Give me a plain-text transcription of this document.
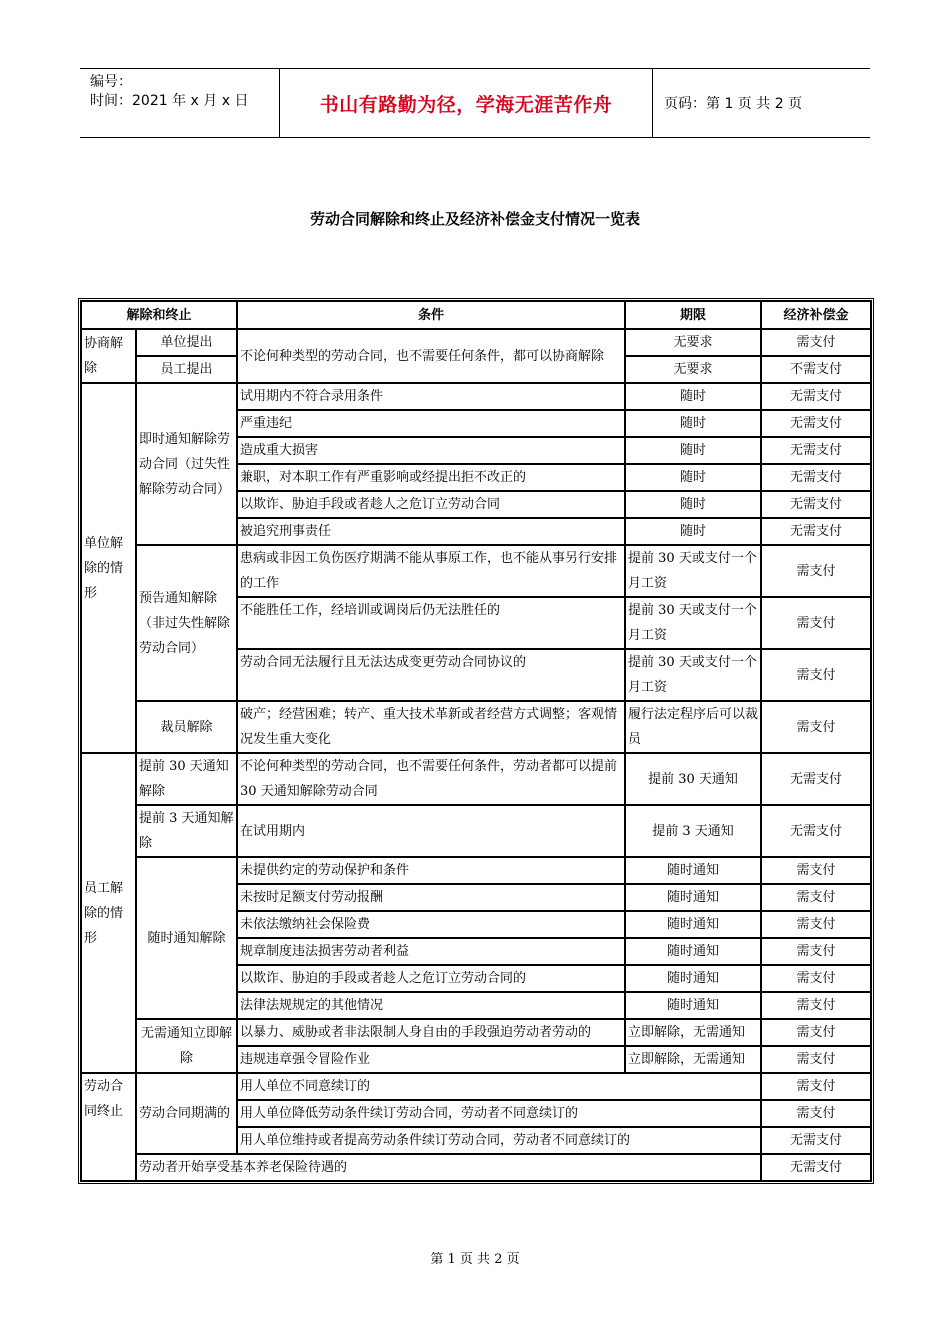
编号：
时间：2021 年 x 月 x 日	书山有路勤为径，学海无涯苦作舟	页码：第 1 页 共 2 页
劳动合同解除和终止及经济补偿金支付情况一览表
解除和终止		条件	期限	经济补偿金
协商解除	单位提出	不论何种类型的劳动合同，也不需要任何条件，都可以协商解除	无要求	需支付
	员工提出		无要求	不需支付
单位解除的情形	即时通知解除劳动合同（过失性解除劳动合同）	试用期内不符合录用条件	随时	无需支付
		严重违纪	随时	无需支付
		造成重大损害	随时	无需支付
		兼职，对本职工作有严重影响或经提出拒不改正的	随时	无需支付
		以欺诈、胁迫手段或者趁人之危订立劳动合同	随时	无需支付
		被追究刑事责任	随时	无需支付
	预告通知解除（非过失性解除劳动合同）	患病或非因工负伤医疗期满不能从事原工作，也不能从事另行安排的工作	提前 30 天或支付一个月工资	需支付
		不能胜任工作，经培训或调岗后仍无法胜任的	提前 30 天或支付一个月工资	需支付
		劳动合同无法履行且无法达成变更劳动合同协议的	提前 30 天或支付一个月工资	需支付
	裁员解除	破产；经营困难；转产、重大技术革新或者经营方式调整；客观情况发生重大变化	履行法定程序后可以裁员	需支付
员工解除的情形	提前 30 天通知解除	不论何种类型的劳动合同，也不需要任何条件，劳动者都可以提前 30 天通知解除劳动合同	提前 30 天通知	无需支付
	提前 3 天通知解除	在试用期内	提前 3 天通知	无需支付
	随时通知解除	未提供约定的劳动保护和条件	随时通知	需支付
		未按时足额支付劳动报酬	随时通知	需支付
		未依法缴纳社会保险费	随时通知	需支付
		规章制度违法损害劳动者利益	随时通知	需支付
		以欺诈、胁迫的手段或者趁人之危订立劳动合同的	随时通知	需支付
		法律法规规定的其他情况	随时通知	需支付
	无需通知立即解除	以暴力、威胁或者非法限制人身自由的手段强迫劳动者劳动的	立即解除，无需通知	需支付
		违规违章强令冒险作业	立即解除，无需通知	需支付
劳动合同终止	劳动合同期满的	用人单位不同意续订的		需支付
		用人单位降低劳动条件续订劳动合同，劳动者不同意续订的		需支付
		用人单位维持或者提高劳动条件续订劳动合同，劳动者不同意续订的		无需支付
	劳动者开始享受基本养老保险待遇的			无需支付
第 1 页 共 2 页
